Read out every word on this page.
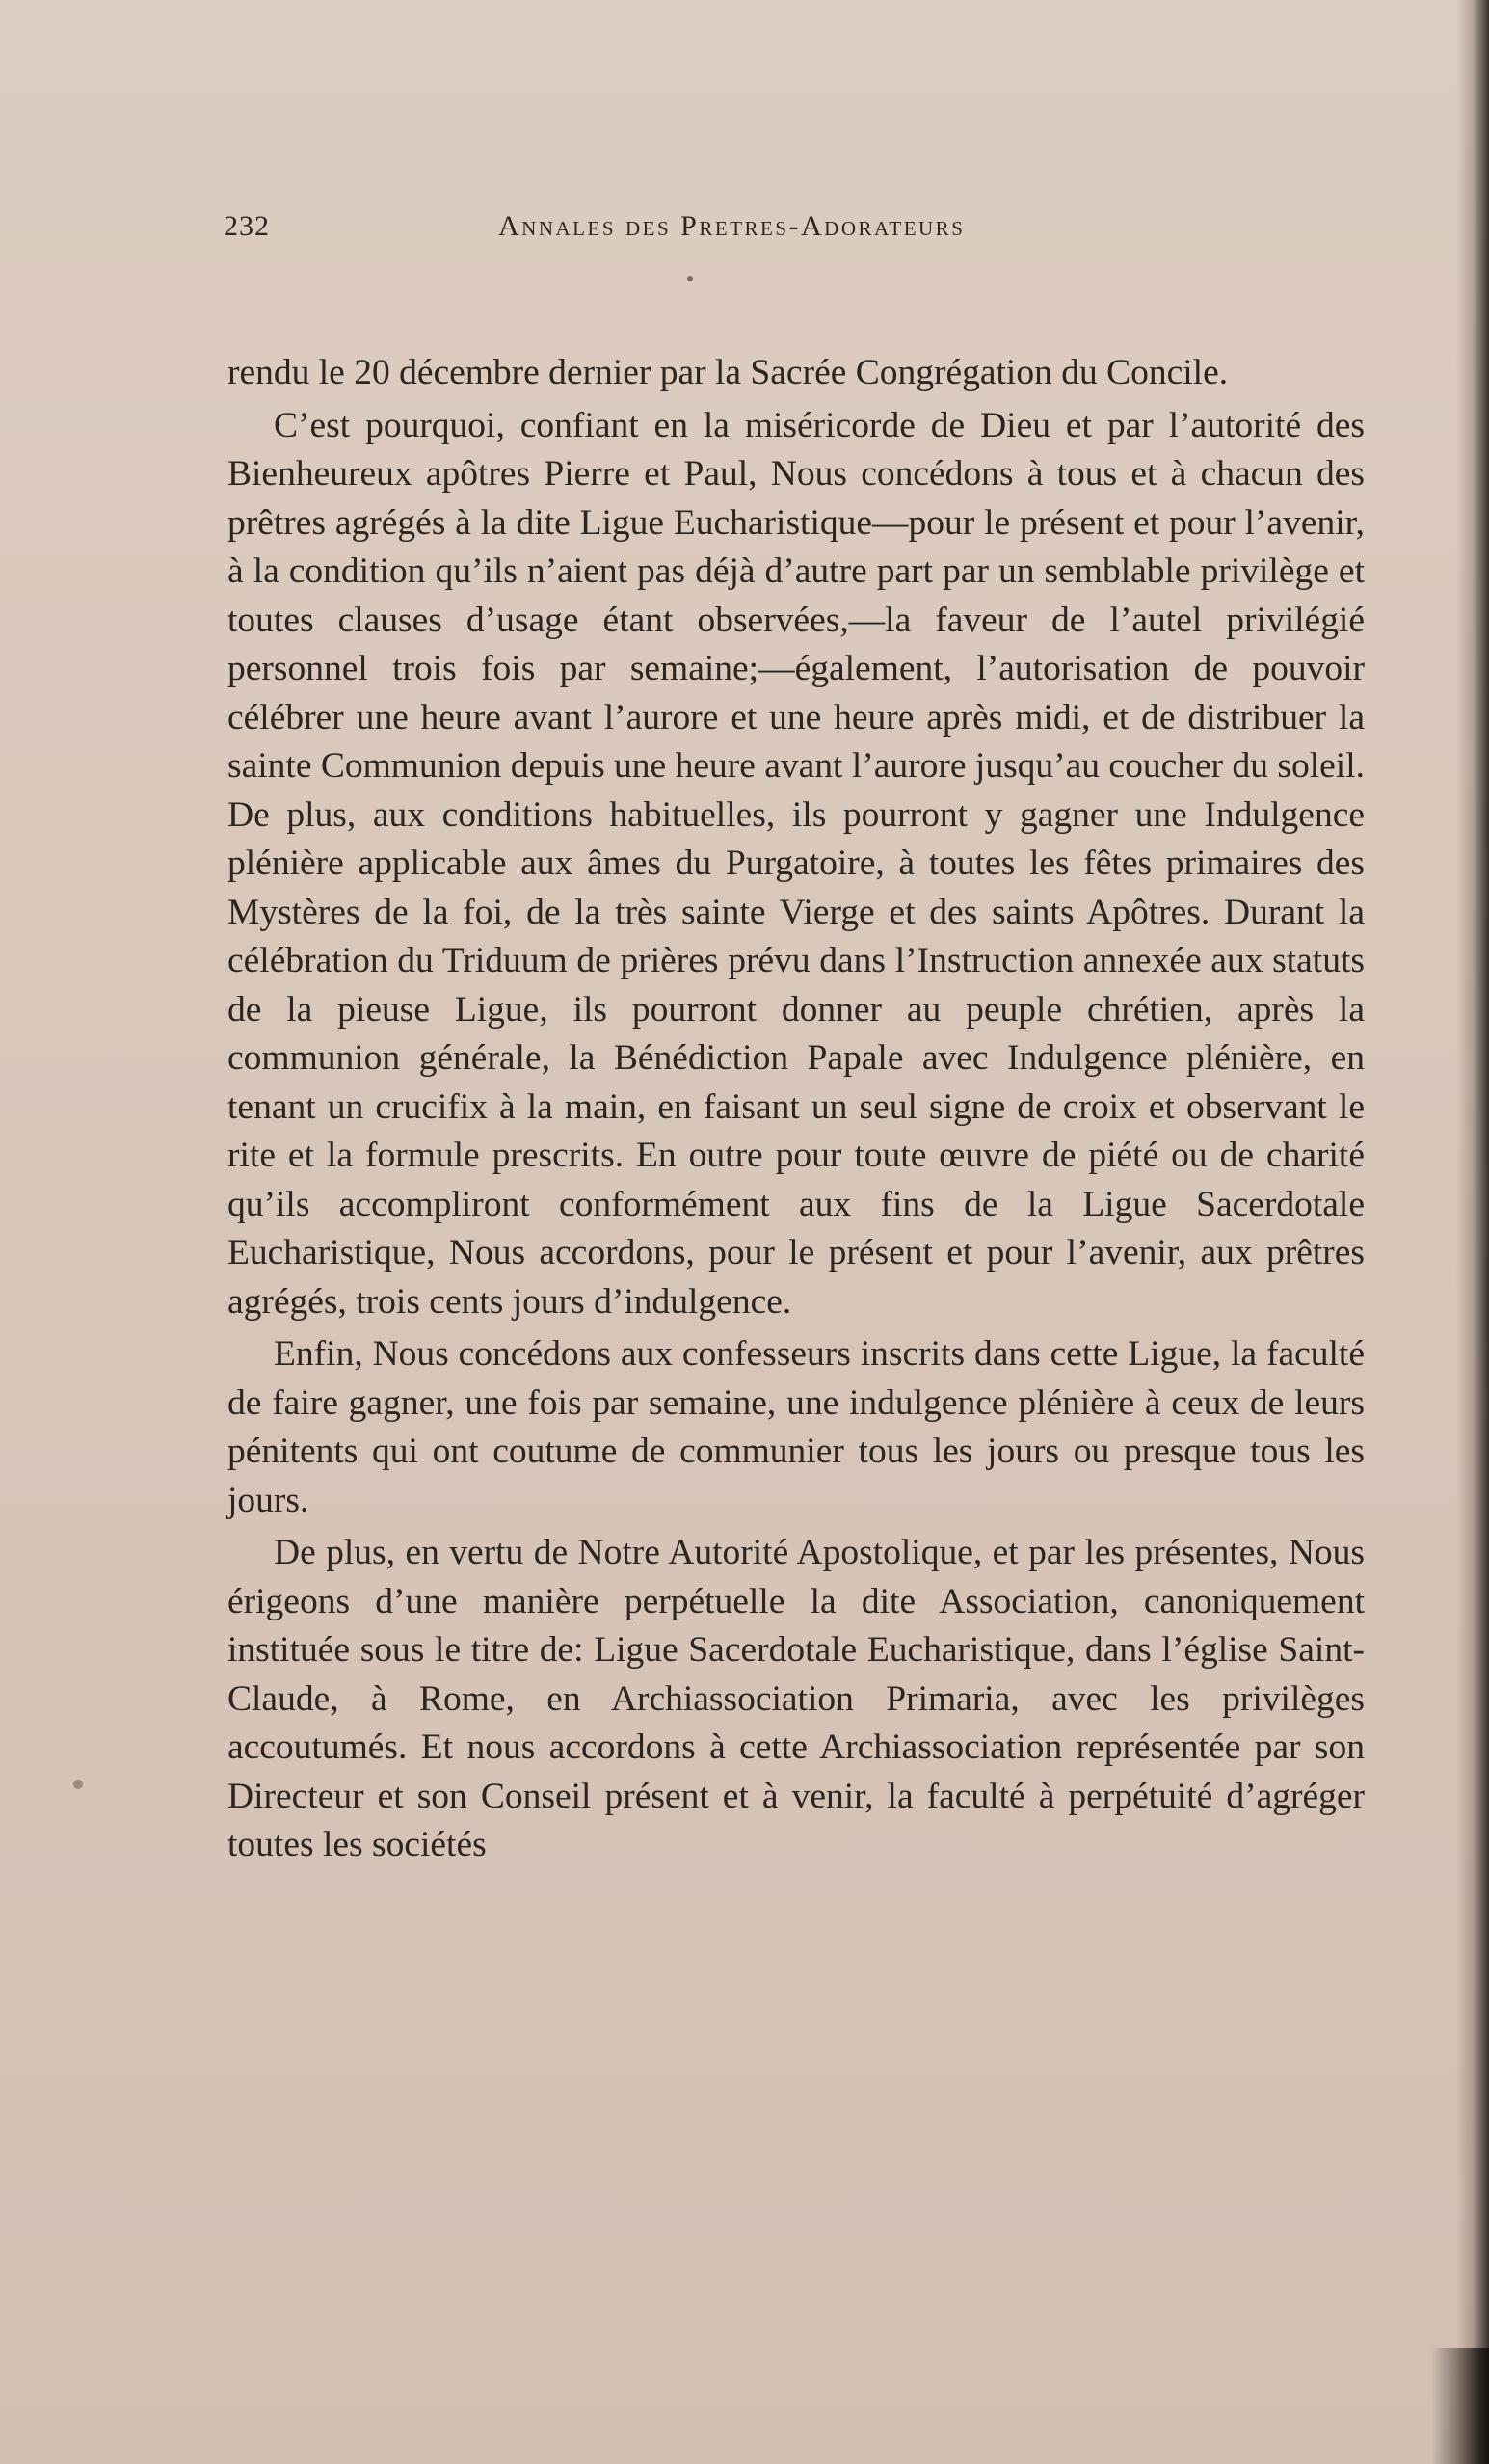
232	Annales des Pretres-Adorateurs

rendu le 20 décembre dernier par la Sacrée Congrégation du Concile.

C’est pourquoi, confiant en la miséricorde de Dieu et par l’autorité des Bienheureux apôtres Pierre et Paul, Nous concédons à tous et à chacun des prêtres agrégés à la dite Ligue Eucharistique—pour le présent et pour l’avenir, à la condition qu’ils n’aient pas déjà d’autre part par un semblable privilège et toutes clauses d’usage étant observées,—la faveur de l’autel privilégié personnel trois fois par semaine;—également, l’autorisation de pouvoir célébrer une heure avant l’aurore et une heure après midi, et de distribuer la sainte Communion depuis une heure avant l’aurore jusqu’au coucher du soleil. De plus, aux conditions habituelles, ils pourront y gagner une Indulgence plénière applicable aux âmes du Purgatoire, à toutes les fêtes primaires des Mystères de la foi, de la très sainte Vierge et des saints Apôtres. Durant la célébration du Triduum de prières prévu dans l’Instruction annexée aux statuts de la pieuse Ligue, ils pourront donner au peuple chrétien, après la communion générale, la Bénédiction Papale avec Indulgence plénière, en tenant un crucifix à la main, en faisant un seul signe de croix et observant le rite et la formule prescrits. En outre pour toute œuvre de piété ou de charité qu’ils accompliront conformément aux fins de la Ligue Sacerdotale Eucharistique, Nous accordons, pour le présent et pour l’avenir, aux prêtres agrégés, trois cents jours d’indulgence.

Enfin, Nous concédons aux confesseurs inscrits dans cette Ligue, la faculté de faire gagner, une fois par semaine, une indulgence plénière à ceux de leurs pénitents qui ont coutume de communier tous les jours ou presque tous les jours.

De plus, en vertu de Notre Autorité Apostolique, et par les présentes, Nous érigeons d’une manière perpétuelle la dite Association, canoniquement instituée sous le titre de: Ligue Sacerdotale Eucharistique, dans l’église Saint-Claude, à Rome, en Archiassociation Primaria, avec les privilèges accoutumés. Et nous accordons à cette Archiassociation représentée par son Directeur et son Conseil présent et à venir, la faculté à perpétuité d’agréger toutes les sociétés
